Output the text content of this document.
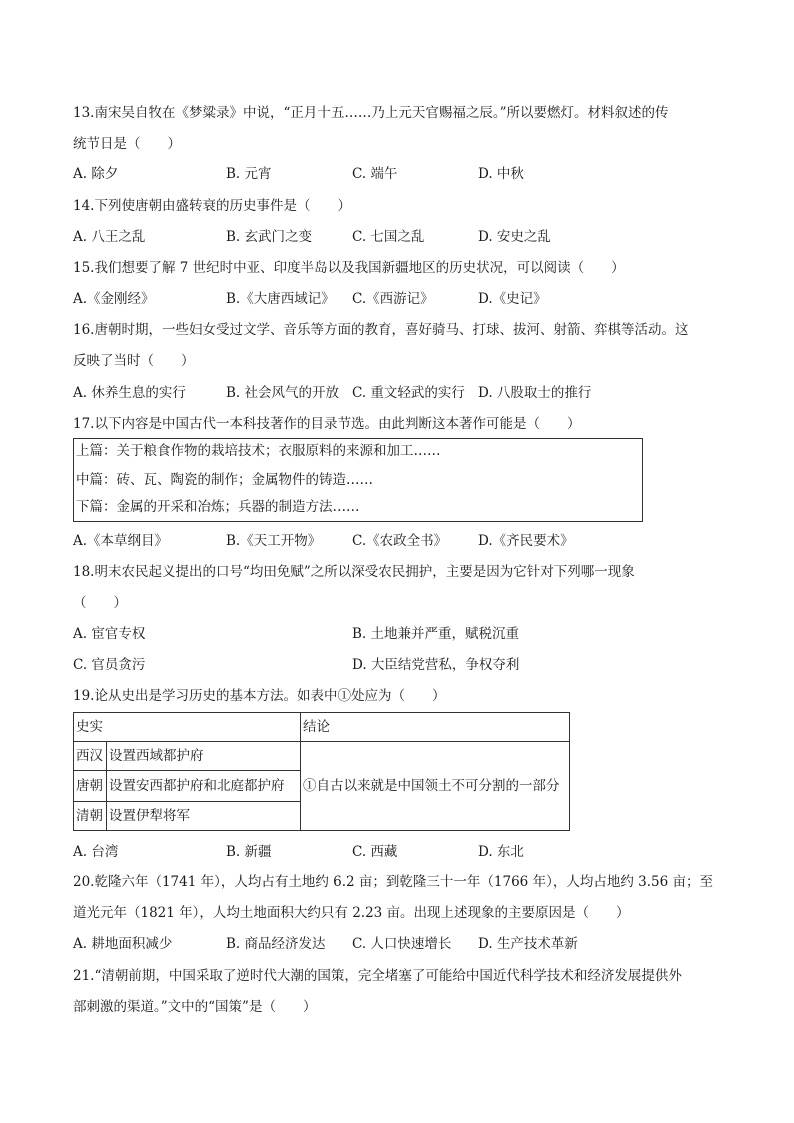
13.南宋吴自牧在《梦粱录》中说，“正月十五……乃上元天官赐福之辰。”所以要燃灯。材料叙述的传
统节日是（　　）
A. 除夕	B. 元宵	C. 端午	D. 中秋
14.下列使唐朝由盛转衰的历史事件是（　　）
A. 八王之乱	B. 玄武门之变	C. 七国之乱	D. 安史之乱
15.我们想要了解 7 世纪时中亚、印度半岛以及我国新疆地区的历史状况，可以阅读（　　）
A.《金刚经》	B.《大唐西域记》 C.《西游记》	D.《史记》
16.唐朝时期，一些妇女受过文学、音乐等方面的教育，喜好骑马、打球、拔河、射箭、弈棋等活动。这
反映了当时（　　）
A. 休养生息的实行	B. 社会风气的开放 C. 重文轻武的实行 D. 八股取士的推行
17.以下内容是中国古代一本科技著作的目录节选。由此判断这本著作可能是（　　）
上篇：关于粮食作物的栽培技术；衣服原料的来源和加工……
中篇：砖、瓦、陶瓷的制作；金属物件的铸造……
下篇：金属的开采和冶炼；兵器的制造方法……
A.《本草纲目》	B.《天工开物》 C.《农政全书》 D.《齐民要术》
18.明末农民起义提出的口号“均田免赋”之所以深受农民拥护，主要是因为它针对下列哪一现象
（　　）
A. 宦官专权	B. 土地兼并严重，赋税沉重
C. 官员贪污	D. 大臣结党营私，争权夺利
19.论从史出是学习历史的基本方法。如表中①处应为（　　）
史实		结论
西汉	设置西域都护府	①自古以来就是中国领土不可分割的一部分
唐朝	设置安西都护府和北庭都护府	
清朝	设置伊犁将军	
A. 台湾	B. 新疆	C. 西藏	D. 东北
20.乾隆六年（1741 年），人均占有土地约 6.2 亩；到乾隆三十一年（1766 年），人均占地约 3.56 亩；至
道光元年（1821 年），人均土地面积大约只有 2.23 亩。出现上述现象的主要原因是（　　）
A. 耕地面积减少	B. 商品经济发达 C. 人口快速增长 D. 生产技术革新
21.“清朝前期，中国采取了逆时代大潮的国策，完全堵塞了可能给中国近代科学技术和经济发展提供外
部刺激的渠道。”文中的“国策”是（　　）
